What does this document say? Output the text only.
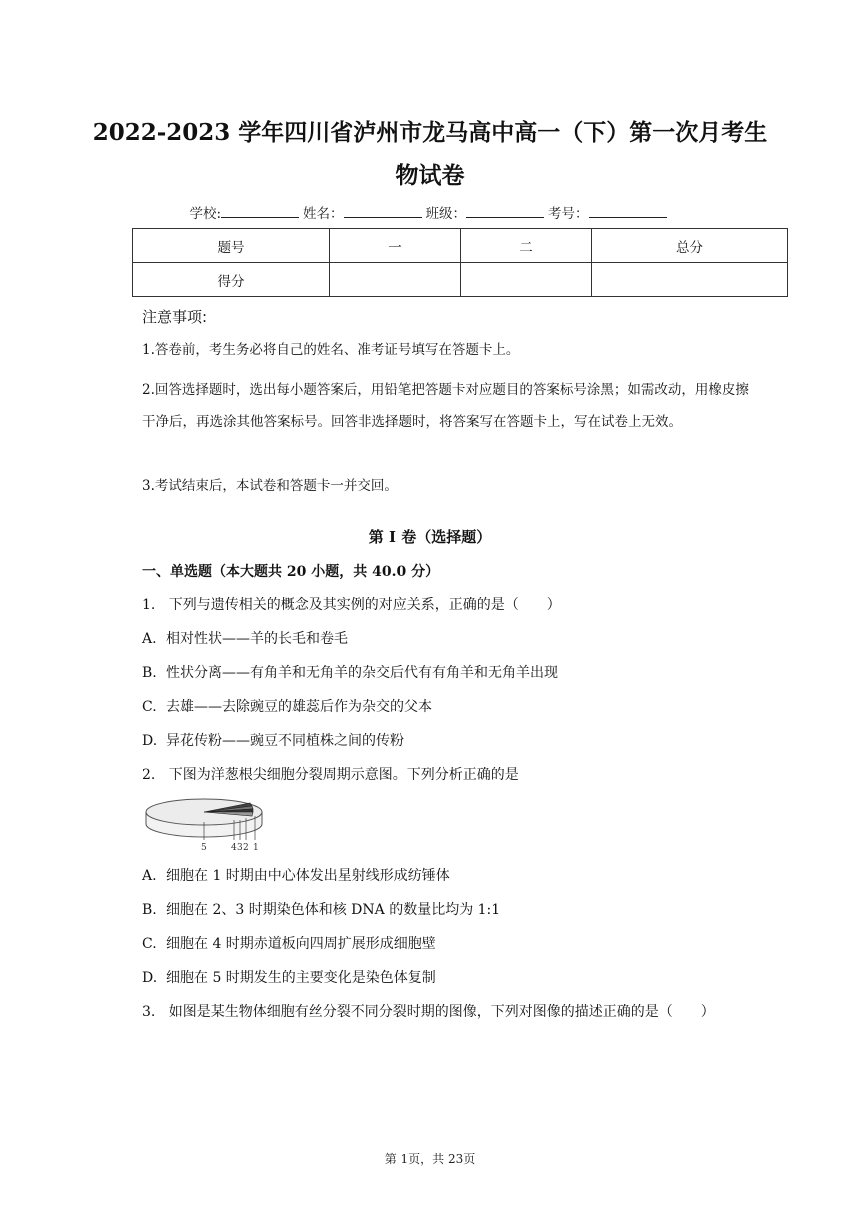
2022-2023 学年四川省泸州市龙马高中高一（下）第一次月考生
物试卷
学校:	姓名：	班级：	考号：
题号	一	二	总分
得分			
注意事项:
1.答卷前，考生务必将自己的姓名、准考证号填写在答题卡上。
2.回答选择题时，选出每小题答案后，用铅笔把答题卡对应题目的答案标号涂黑；如需改动，用橡皮擦干净后，再选涂其他答案标号。回答非选择题时，将答案写在答题卡上，写在试卷上无效。
3.考试结束后，本试卷和答题卡一并交回。
第 I 卷（选择题）
一、单选题（本大题共 20 小题，共 40.0 分）
1. 下列与遗传相关的概念及其实例的对应关系，正确的是（　　）
A. 相对性状——羊的长毛和卷毛
B. 性状分离——有角羊和无角羊的杂交后代有有角羊和无角羊出现
C. 去雄——去除豌豆的雄蕊后作为杂交的父本
D. 异花传粉——豌豆不同植株之间的传粉
2. 下图为洋葱根尖细胞分裂周期示意图。下列分析正确的是
5	4 3 2 1
A. 细胞在 1 时期由中心体发出星射线形成纺锤体
B. 细胞在 2、3 时期染色体和核 DNA 的数量比均为 1:1
C. 细胞在 4 时期赤道板向四周扩展形成细胞壁
D. 细胞在 5 时期发生的主要变化是染色体复制
3. 如图是某生物体细胞有丝分裂不同分裂时期的图像，下列对图像的描述正确的是（　　）
第 1页，共 23页
